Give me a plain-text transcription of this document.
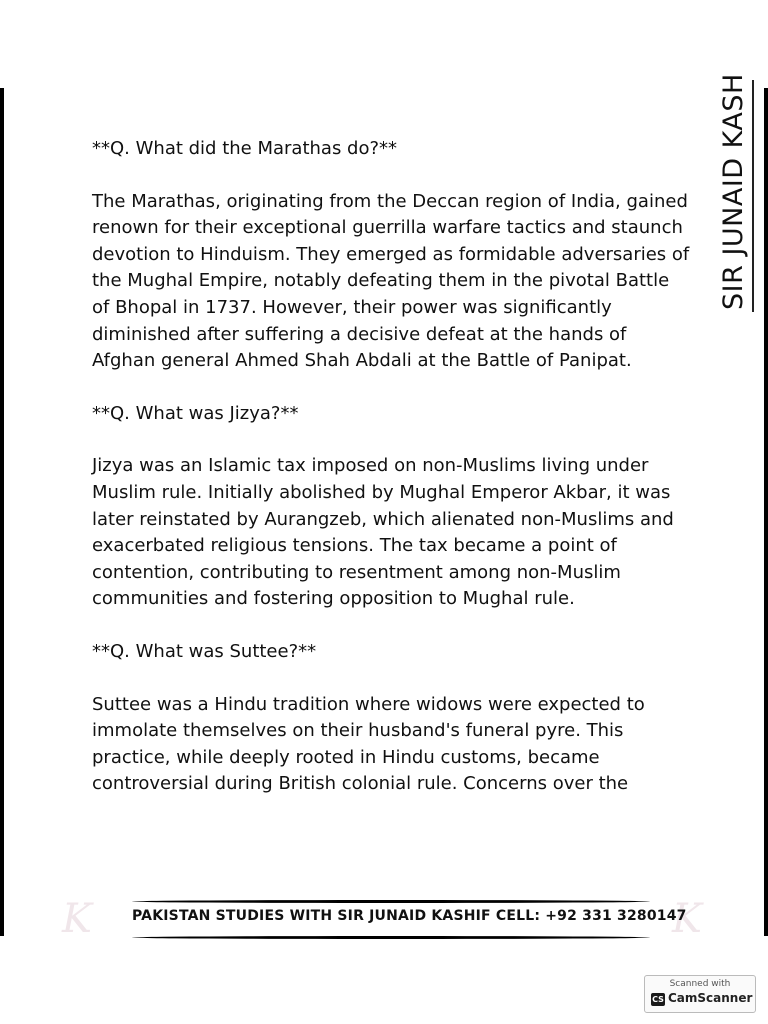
SIR JUNAID KASH

**Q. What did the Marathas do?**

The Marathas, originating from the Deccan region of India, gained renown for their exceptional guerrilla warfare tactics and staunch devotion to Hinduism. They emerged as formidable adversaries of the Mughal Empire, notably defeating them in the pivotal Battle of Bhopal in 1737. However, their power was significantly diminished after suffering a decisive defeat at the hands of Afghan general Ahmed Shah Abdali at the Battle of Panipat.

**Q. What was Jizya?**

Jizya was an Islamic tax imposed on non-Muslims living under Muslim rule. Initially abolished by Mughal Emperor Akbar, it was later reinstated by Aurangzeb, which alienated non-Muslims and exacerbated religious tensions. The tax became a point of contention, contributing to resentment among non-Muslim communities and fostering opposition to Mughal rule.

**Q. What was Suttee?**

Suttee was a Hindu tradition where widows were expected to immolate themselves on their husband's funeral pyre. This practice, while deeply rooted in Hindu customs, became controversial during British colonial rule. Concerns over the

K	K
PAKISTAN STUDIES WITH SIR JUNAID KASHIF CELL: +92 331 3280147
Scanned with
CS CamScanner
